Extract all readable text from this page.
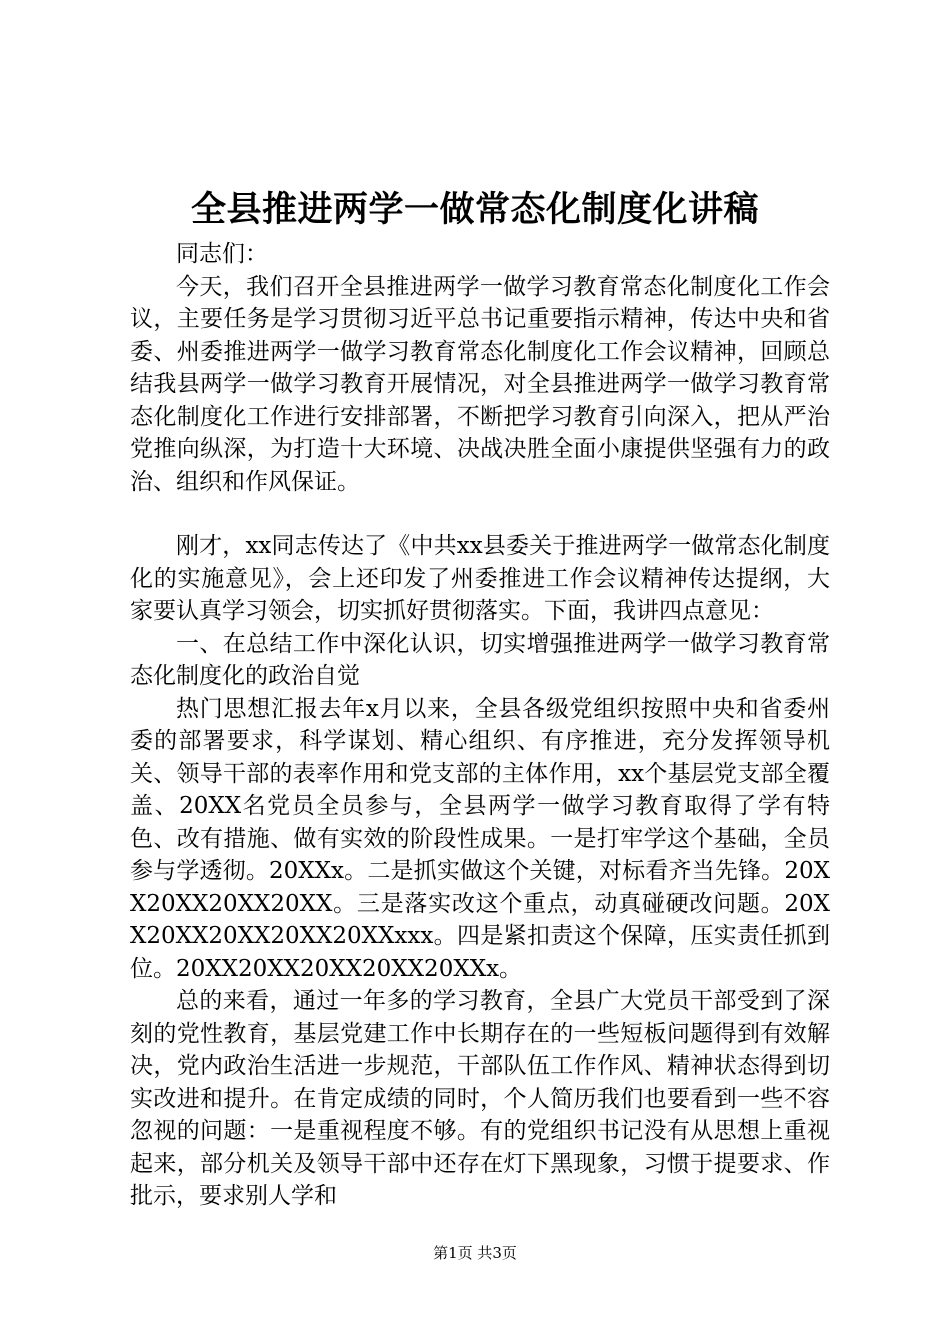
全县推进两学一做常态化制度化讲稿

同志们：

今天，我们召开全县推进两学一做学习教育常态化制度化工作会议，主要任务是学习贯彻习近平总书记重要指示精神，传达中央和省委、州委推进两学一做学习教育常态化制度化工作会议精神，回顾总结我县两学一做学习教育开展情况，对全县推进两学一做学习教育常态化制度化工作进行安排部署，不断把学习教育引向深入，把从严治党推向纵深，为打造十大环境、决战决胜全面小康提供坚强有力的政治、组织和作风保证。

刚才，xx同志传达了《中共xx县委关于推进两学一做常态化制度化的实施意见》，会上还印发了州委推进工作会议精神传达提纲，大家要认真学习领会，切实抓好贯彻落实。下面，我讲四点意见：

一、在总结工作中深化认识，切实增强推进两学一做学习教育常态化制度化的政治自觉

热门思想汇报去年x月以来，全县各级党组织按照中央和省委州委的部署要求，科学谋划、精心组织、有序推进，充分发挥领导机关、领导干部的表率作用和党支部的主体作用，xx个基层党支部全覆盖、20XX名党员全员参与，全县两学一做学习教育取得了学有特色、改有措施、做有实效的阶段性成果。一是打牢学这个基础，全员参与学透彻。20XXx。二是抓实做这个关键，对标看齐当先锋。20XX20XX20XX20XX。三是落实改这个重点，动真碰硬改问题。20XX20XX20XX20XX20XXxxx。四是紧扣责这个保障，压实责任抓到位。20XX20XX20XX20XX20XXx。

总的来看，通过一年多的学习教育，全县广大党员干部受到了深刻的党性教育，基层党建工作中长期存在的一些短板问题得到有效解决，党内政治生活进一步规范，干部队伍工作作风、精神状态得到切实改进和提升。在肯定成绩的同时，个人简历我们也要看到一些不容忽视的问题：一是重视程度不够。有的党组织书记没有从思想上重视起来，部分机关及领导干部中还存在灯下黑现象，习惯于提要求、作批示，要求别人学和

第1页 共3页
